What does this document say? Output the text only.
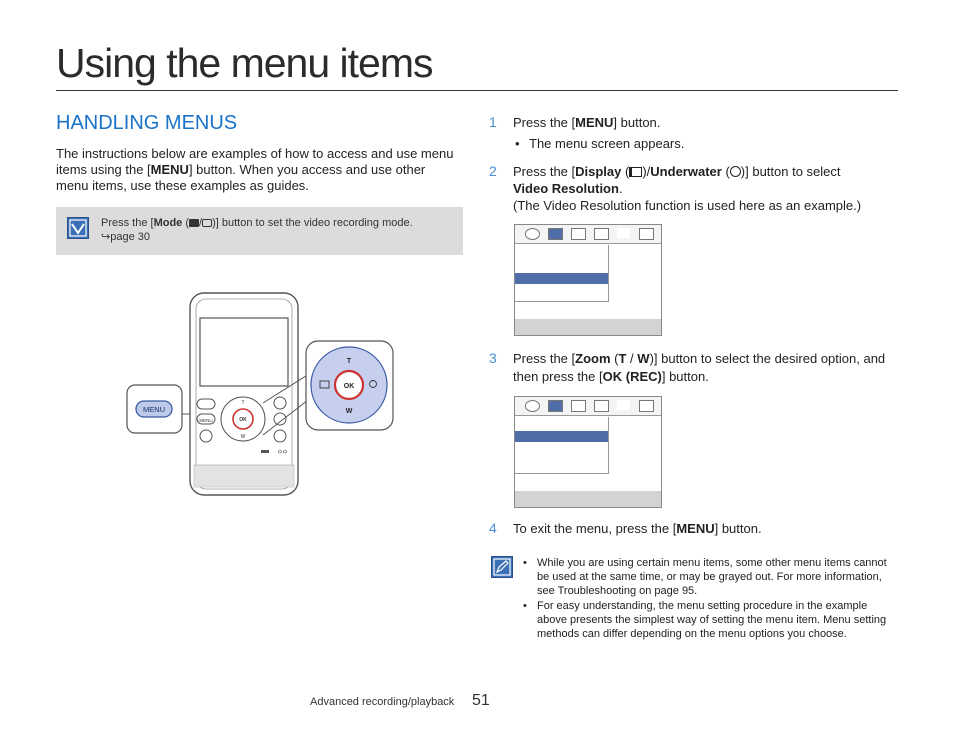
Using the menu items
HANDLING MENUS
The instructions below are examples of how to access and use menu items using the [MENU] button. When you access and use other menu items, use these examples as guides.
Press the [Mode ( / )] button to set the video recording mode.
↪page 30
MENU	OK
T
W
MENU
OK
T
W
1 Press the [MENU] button.
• The menu screen appears.
2 Press the [Display ( )/Underwater ( )] button to select
Video Resolution.
(The Video Resolution function is used here as an example.)
3 Press the [Zoom (T / W)] button to select the desired option, and then press the [OK (REC)] button.
4 To exit the menu, press the [MENU] button.
• While you are using certain menu items, some other menu items cannot be used at the same time, or may be grayed out. For more information, see Troubleshooting on page 95.
• For easy understanding, the menu setting procedure in the example above presents the simplest way of setting the menu item. Menu setting methods can differ depending on the menu options you choose.
Advanced recording/playback 51
